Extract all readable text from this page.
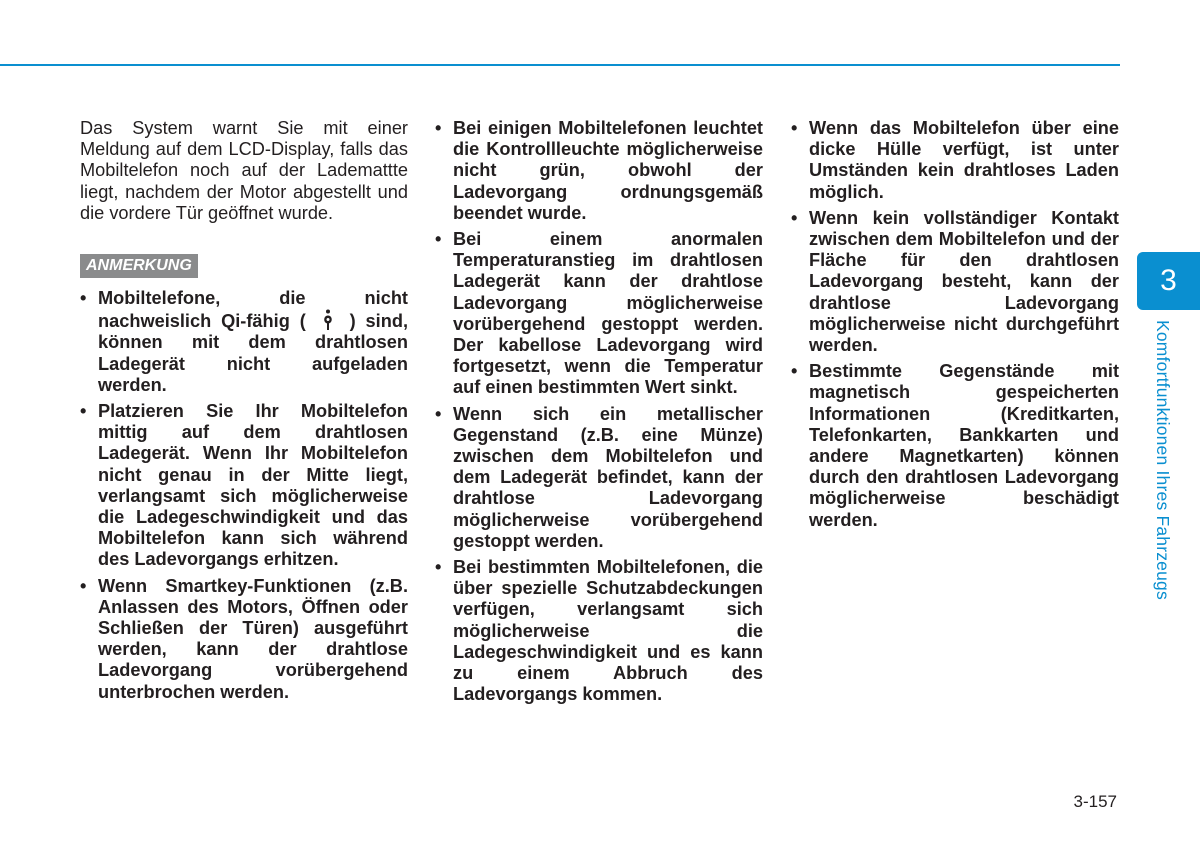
Das System warnt Sie mit einer Meldung auf dem LCD-Display, falls das Mobiltelefon noch auf der Lademattte liegt, nachdem der Motor abgestellt und die vordere Tür geöffnet wurde.

ANMERKUNG
• Mobiltelefone, die nicht nachweislich Qi-fähig ( ) sind, können mit dem drahtlosen Ladegerät nicht aufgeladen werden.
• Platzieren Sie Ihr Mobiltelefon mittig auf dem drahtlosen Ladegerät. Wenn Ihr Mobiltelefon nicht genau in der Mitte liegt, verlangsamt sich möglicherweise die Ladegeschwindigkeit und das Mobiltelefon kann sich während des Ladevorgangs erhitzen.
• Wenn Smartkey-Funktionen (z.B. Anlassen des Motors, Öffnen oder Schließen der Türen) ausgeführt werden, kann der drahtlose Ladevorgang vorübergehend unterbrochen werden.
• Bei einigen Mobiltelefonen leuchtet die Kontrollleuchte möglicherweise nicht grün, obwohl der Ladevorgang ordnungsgemäß beendet wurde.
• Bei einem anormalen Temperaturanstieg im drahtlosen Ladegerät kann der drahtlose Ladevorgang möglicherweise vorübergehend gestoppt werden. Der kabellose Ladevorgang wird fortgesetzt, wenn die Temperatur auf einen bestimmten Wert sinkt.
• Wenn sich ein metallischer Gegenstand (z.B. eine Münze) zwischen dem Mobiltelefon und dem Ladegerät befindet, kann der drahtlose Ladevorgang möglicherweise vorübergehend gestoppt werden.
• Bei bestimmten Mobiltelefonen, die über spezielle Schutzabdeckungen verfügen, verlangsamt sich möglicherweise die Ladegeschwindigkeit und es kann zu einem Abbruch des Ladevorgangs kommen.
• Wenn das Mobiltelefon über eine dicke Hülle verfügt, ist unter Umständen kein drahtloses Laden möglich.
• Wenn kein vollständiger Kontakt zwischen dem Mobiltelefon und der Fläche für den drahtlosen Ladevorgang besteht, kann der drahtlose Ladevorgang möglicherweise nicht durchgeführt werden.
• Bestimmte Gegenstände mit magnetisch gespeicherten Informationen (Kreditkarten, Telefonkarten, Bankkarten und andere Magnetkarten) können durch den drahtlosen Ladevorgang möglicherweise beschädigt werden.
3
Komfortfunktionen Ihres Fahrzeugs
3-157
